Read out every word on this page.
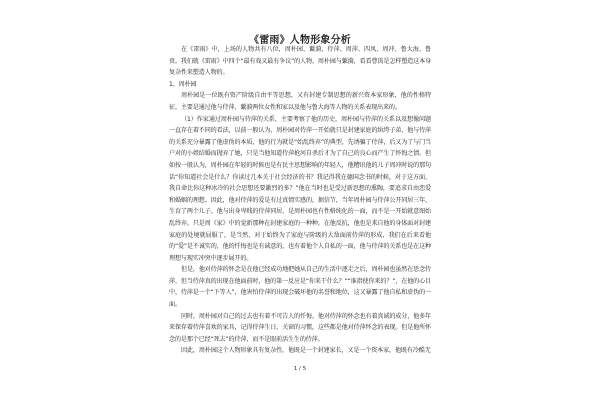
《雷雨》人物形象分析

在《雷雨》中，上场的人物共有八位，周朴园、蘩漪、侍萍、周萍、四凤、周冲、鲁大海、鲁贵。我们就《雷雨》中四个“最有戏又最有争议”的人物，周朴园与蘩漪，看看曹禺是怎样塑造这本身复杂性来塑造人物的。

1、周朴园

周朴园是一位既有资产阶级自由平等思想，又有封建专制思想的新兴资本家形象，他的性格特征，主要是通过他与侍萍、蘩漪两位女性和家以及他与鲁大海等人物的关系表现出来的。

（1）作家通过周朴园与侍萍的关系，主要考察了他的历史，周朴园与侍萍的关系以及想像问题一直存在着不同的看法，以前一般认为，周朴园对侍萍一开始就只是封建家庭的纨绔子弟，他与侍萍的关系充分暴露了他虚伪的本质，他的行为就是“始乱终弃”的典型，先诱骗了侍萍，后又为了与门当户对的小姐结婚而抛弃了她，只是当他知道侍萍抢河自杀后才为了自己的良心而产生了怀悔之情。但如按一般认为，周朴园在年轻的时候也是有民主思想影响的年轻人，他糟讯他的儿子周冲时说的那句话“你知道社会是什么？你读过几本关于社会经济的书？我记得我在德国念书的时候，对于这方面，我自命比你这种冰冷的社会思想还要激烈的多？”他在当时也是受过新思想的熏陶，要追求自由恋爱和婚姻的理想。因此，他对侍萍的爱是有过真情实感的，据信节，当年周朴园与侍萍公开同居三年，生育了两个儿子。他与出身卑贱的侍萍同居，是周朴园也有性格纯化的一面，而不是一开始就意图始乱终弃。只是周《家》中的觉新那种在封建家庭的一种种，在他反抗，他也是来自他的身体面对封建家庭的处境就屈服了，是当然，对于始终为了家庭与阶级的大敌面前侍萍的形成，我们在后来看他的“爱”是不诚实的，他的忏悔也是有诚意的，也有着他个人自私的一面，他与侍萍的关系也是在这种理想与现实冲突中逐步展开的。

但是，他对侍萍的怀念是在他已经成功地把她从自己的生活中逐走之后，周朴园也虽然在思念侍萍，但当侍萍真的出现在他面前时，他的第一反应是“你来干什么？”“谁指使你来的？”，在他的心目中，侍萍是一个“下等人”，他害怕侍萍的出现会破坏他的名誉和地位，这又暴露了他自私和虚伪的一面。

同时，周朴园对自己的过去也有着不可告人的忏悔，他对侍萍的怀念也有着真诚的成分，他多年来保存着侍萍喜欢的家具，记得侍萍生日，关窗的习惯，这些都是他对侍萍怀念的表现。但是他所怀念的是那个已经“死去”的侍萍，而不是眼前活生生的侍萍。

因此，周朴园这个人物形象具有复杂性，他既是一个封建家长，又是一个资本家，他既有冷酷无

1 / 5
